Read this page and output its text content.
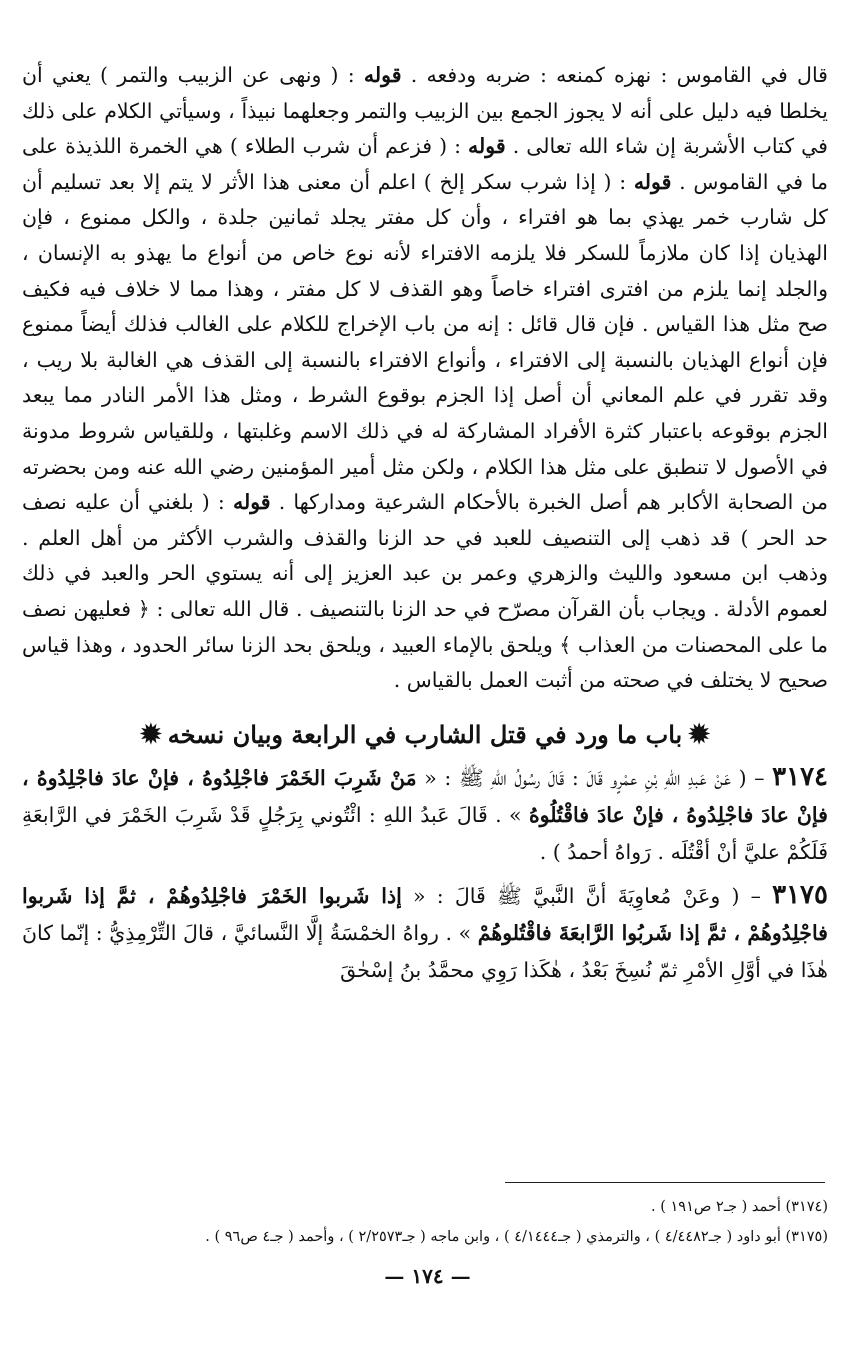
قال في القاموس : نهزه كمنعه : ضربه ودفعه . قوله : ( ونهى عن الزبيب والتمر ) يعني أن يخلطا فيه دليل على أنه لا يجوز الجمع بين الزبيب والتمر وجعلهما نبيذاً ، وسيأتي الكلام على ذلك في كتاب الأشربة إن شاء الله تعالى . قوله : ( فزعم أن شرب الطلاء ) هي الخمرة اللذيذة على ما في القاموس . قوله : ( إذا شرب سكر إلخ ) اعلم أن معنى هذا الأثر لا يتم إلا بعد تسليم أن كل شارب خمر يهذي بما هو افتراء ، وأن كل مفتر يجلد ثمانين جلدة ، والكل ممنوع ، فإن الهذيان إذا كان ملازماً للسكر فلا يلزمه الافتراء لأنه نوع خاص من أنواع ما يهذو به الإنسان ، والجلد إنما يلزم من افترى افتراء خاصاً وهو القذف لا كل مفتر ، وهذا مما لا خلاف فيه فكيف صح مثل هذا القياس . فإن قال قائل : إنه من باب الإخراج للكلام على الغالب فذلك أيضاً ممنوع فإن أنواع الهذيان بالنسبة إلى الافتراء ، وأنواع الافتراء بالنسبة إلى القذف هي الغالبة بلا ريب ، وقد تقرر في علم المعاني أن أصل إذا الجزم بوقوع الشرط ، ومثل هذا الأمر النادر مما يبعد الجزم بوقوعه باعتبار كثرة الأفراد المشاركة له في ذلك الاسم وغلبتها ، وللقياس شروط مدونة في الأصول لا تنطبق على مثل هذا الكلام ، ولكن مثل أمير المؤمنين رضي الله عنه ومن بحضرته من الصحابة الأكابر هم أصل الخبرة بالأحكام الشرعية ومداركها . قوله : ( بلغني أن عليه نصف حد الحر ) قد ذهب إلى التنصيف للعبد في حد الزنا والقذف والشرب الأكثر من أهل العلم . وذهب ابن مسعود والليث والزهري وعمر بن عبد العزيز إلى أنه يستوي الحر والعبد في ذلك لعموم الأدلة . ويجاب بأن القرآن مصرّح في حد الزنا بالتنصيف . قال الله تعالى : ﴿ فعليهن نصف ما على المحصنات من العذاب ﴾ ويلحق بالإماء العبيد ، ويلحق بحد الزنا سائر الحدود ، وهذا قياس صحيح لا يختلف في صحته من أثبت العمل بالقياس .

✹باب ما ورد في قتل الشارب في الرابعة وبيان نسخه✹

٣١٧٤ – ( عَنْ عَبدِ اللهِ بْنِ عمْرٍو قَالَ : قَالَ رسُولُ اللهِ ﷺ : « مَنْ شَرِبَ الخَمْرَ فاجْلِدُوهُ ، فإنْ عادَ فاجْلِدُوهُ ، فإنْ عادَ فاجْلِدُوهُ ، فإنْ عادَ فاقْتُلُوهُ » . قَالَ عَبدُ اللهِ : ائْتُوني بِرَجُلٍ قَدْ شَرِبَ الخَمْرَ في الرَّابعَةِ فَلَكُمْ عليَّ أنْ أقْتُلَه . رَواهُ أحمدُ ) .

٣١٧٥ – ( وعَنْ مُعاوِيَةَ أنَّ النَّبيَّ ﷺ قَالَ : « إذا شَربوا الخَمْرَ فاجْلِدُوهُمْ ، ثمَّ إذا شَربوا فاجْلِدُوهُمْ ، ثمَّ إذا شَربُوا الرَّابعَةَ فاقْتُلوهُمْ » . رواهُ الخمْسَةُ إلَّا النَّسائيَّ ، قالَ التِّرْمِذِيُّ : إنّما كانَ هٰذَا في أوَّلِ الأمْرِ ثمّ نُسِخَ بَعْدُ ، هٰكَذا رَوِي محمَّدُ بنُ إسْحٰقَ

(٣١٧٤) أحمد ( جـ٢ ص١٩١ ) .

(٣١٧٥) أبو داود ( جـ٤/٤٤٨٢ ) ، والترمذي ( جـ٤/١٤٤٤ ) ، وابن ماجه ( جـ٢/٢٥٧٣ ) ، وأحمد ( جـ٤ ص٩٦ ) .

— ١٧٤ —
